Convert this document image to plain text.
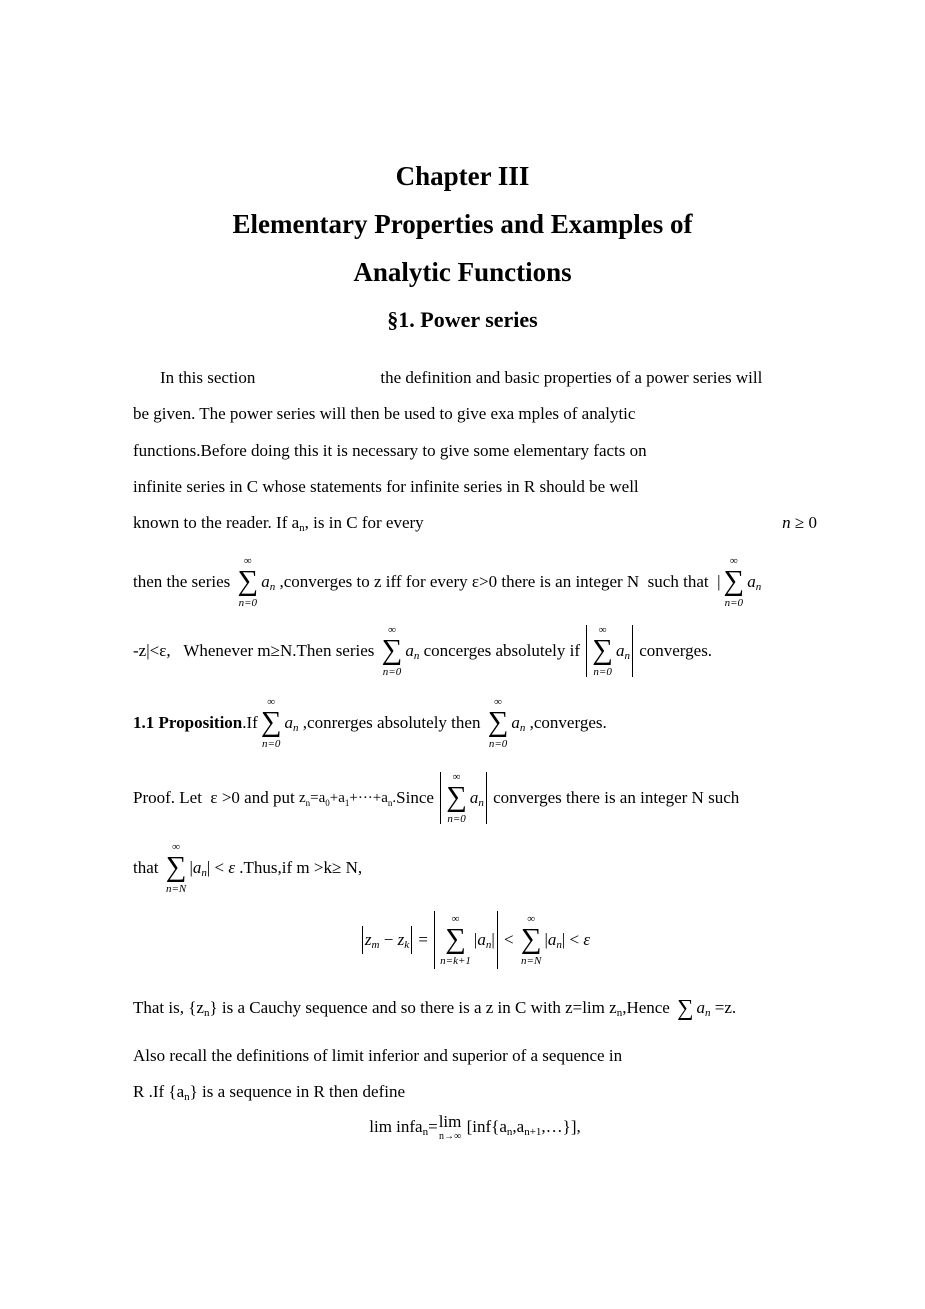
Chapter III
Elementary Properties and Examples of
Analytic Functions
§1. Power series
In this section	the definition and basic properties of a power series will
be given. The power series will then be used to give exa mples of analytic
functions.Before doing this it is necessary to give some elementary facts on
infinite series in C whose statements for infinite series in R should be well
known to the reader. If a n , is in C for every	n ≥ 0
then the series
∞
∑
n=0
a n ,converges to z iff for every ε>0 there is an integer N  such that  |
∞
∑
n=0
a n
-z|<ε,   Whenever m≥N.Then series
∞
∑
n=0
a n concerges absolutely if
∞
∑
n=0
a n converges.
1.1 Proposition .If
∞
∑
n=0
a n ,conrerges absolutely then
∞
∑
n=0
a n ,converges.
Proof. Let  ε >0 and put z n =a 0 +a 1 +···+a n . Since
∞
∑
n=0
a n converges there is an integer N such
that
∞
∑
n=N
| a n | < ε .Thus,if m >k≥ N,
z m − z k =
∞
∑
n=k+1
| a n | <
∞
∑
n=N
| a n | < ε
That is, {z n } is a Cauchy sequence and so there is a z in C with z=lim z n ,Hence ∑ a n =z.
Also recall the definitions of limit inferior and superior of a sequence in
R .If {a n } is a sequence in R then define
lim infa n = lim
n→∞ [inf{a n ,a n+1 ,…}],
